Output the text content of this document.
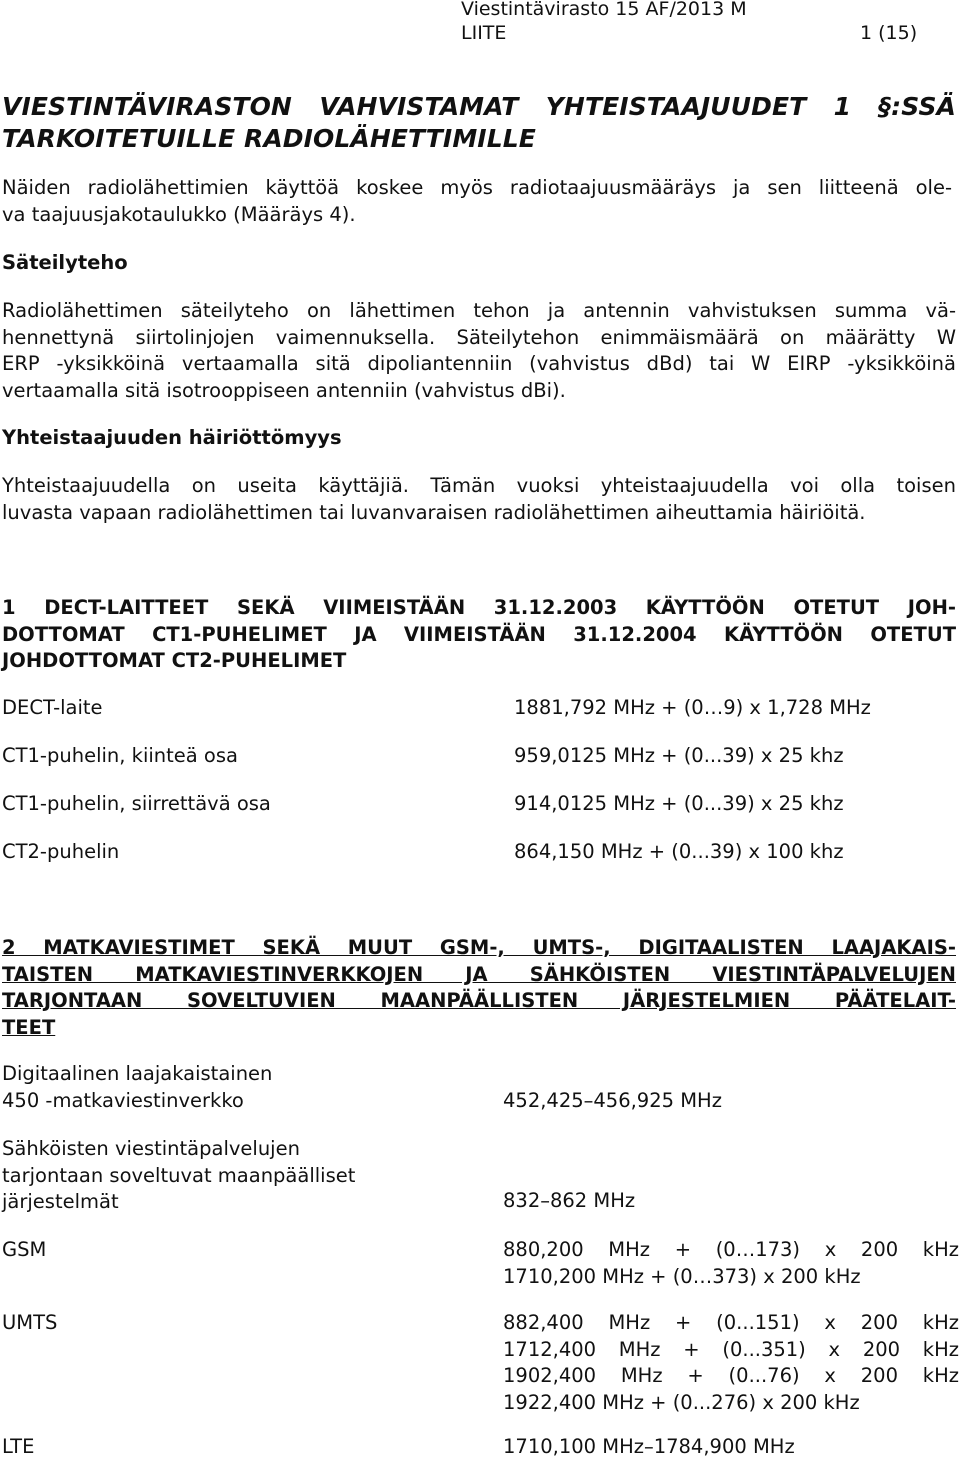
Viestintävirasto 15 AF/2013 M
LIITE	1 (15)
VIESTINTÄVIRASTON VAHVISTAMAT YHTEISTAAJUUDET 1 §:SSÄ
TARKOITETUILLE RADIOLÄHETTIMILLE
Näiden radiolähettimien käyttöä koskee myös radiotaajuusmääräys ja sen liitteenä ole-
va taajuusjakotaulukko (Määräys 4).
Säteilyteho
Radiolähettimen säteilyteho on lähettimen tehon ja antennin vahvistuksen summa vä-
hennettynä siirtolinjojen vaimennuksella. Säteilytehon enimmäismäärä on määrätty W
ERP -yksikköinä vertaamalla sitä dipoliantenniin (vahvistus dBd) tai W EIRP -yksikköinä
vertaamalla sitä isotrooppiseen antenniin (vahvistus dBi).
Yhteistaajuuden häiriöttömyys
Yhteistaajuudella on useita käyttäjiä. Tämän vuoksi yhteistaajuudella voi olla toisen
luvasta vapaan radiolähettimen tai luvanvaraisen radiolähettimen aiheuttamia häiriöitä.
1 DECT-LAITTEET SEKÄ VIIMEISTÄÄN 31.12.2003 KÄYTTÖÖN OTETUT JOH-
DOTTOMAT CT1-PUHELIMET JA VIIMEISTÄÄN 31.12.2004 KÄYTTÖÖN OTETUT
JOHDOTTOMAT CT2-PUHELIMET
DECT-laite	1881,792 MHz + (0…9) x 1,728 MHz
CT1-puhelin, kiinteä osa	959,0125 MHz + (0...39) x 25 khz
CT1-puhelin, siirrettävä osa	914,0125 MHz + (0...39) x 25 khz
CT2-puhelin	864,150 MHz + (0...39) x 100 khz
2 MATKAVIESTIMET SEKÄ MUUT GSM-, UMTS-, DIGITAALISTEN LAAJAKAIS-
TAISTEN MATKAVIESTINVERKKOJEN JA SÄHKÖISTEN VIESTINTÄPALVELUJEN
TARJONTAAN SOVELTUVIEN MAANPÄÄLLISTEN JÄRJESTELMIEN PÄÄTELAIT-
TEET
Digitaalinen laajakaistainen
450 -matkaviestinverkko	452,425–456,925 MHz
Sähköisten viestintäpalvelujen
tarjontaan soveltuvat maanpäälliset
järjestelmät	832–862 MHz
GSM	880,200 MHz + (0…173) x 200 kHz
1710,200 MHz + (0…373) x 200 kHz
UMTS	882,400 MHz + (0...151) x 200 kHz
1712,400 MHz + (0...351) x 200 kHz
1902,400 MHz + (0...76) x 200 kHz
1922,400 MHz + (0...276) x 200 kHz
LTE	1710,100 MHz–1784,900 MHz
